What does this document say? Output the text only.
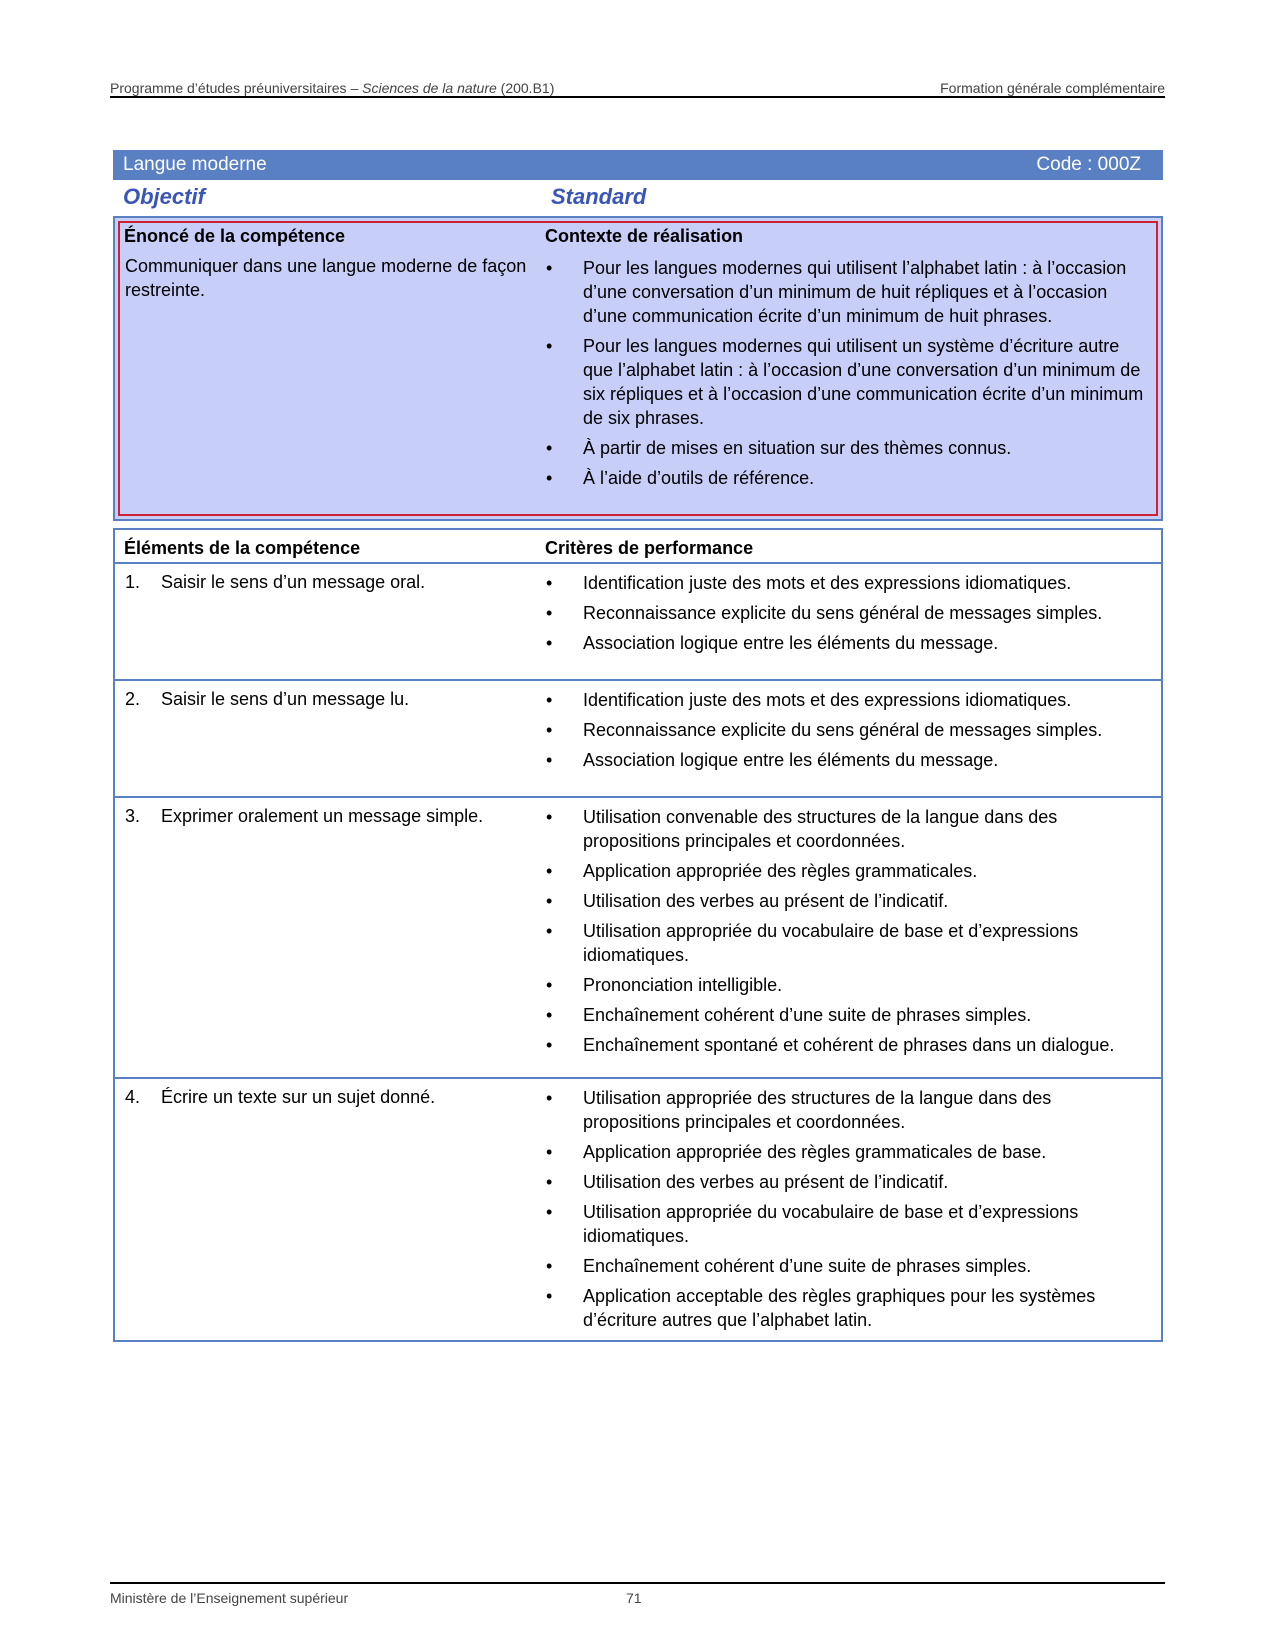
Programme d’études préuniversitaires – Sciences de la nature (200.B1)	Formation générale complémentaire
Langue moderne	Code : 000Z
Objectif	Standard
Énoncé de la compétence	Contexte de réalisation
Communiquer dans une langue moderne de façon restreinte.
• Pour les langues modernes qui utilisent l’alphabet latin : à l’occasion d’une conversation d’un minimum de huit répliques et à l’occasion d’une communication écrite d’un minimum de huit phrases.
• Pour les langues modernes qui utilisent un système d’écriture autre que l’alphabet latin : à l’occasion d’une conversation d’un minimum de six répliques et à l’occasion d’une communication écrite d’un minimum de six phrases.
• À partir de mises en situation sur des thèmes connus.
• À l’aide d’outils de référence.
Éléments de la compétence	Critères de performance
1. Saisir le sens d’un message oral.	• Identification juste des mots et des expressions idiomatiques.
• Reconnaissance explicite du sens général de messages simples.
• Association logique entre les éléments du message.
2. Saisir le sens d’un message lu.	• Identification juste des mots et des expressions idiomatiques.
• Reconnaissance explicite du sens général de messages simples.
• Association logique entre les éléments du message.
3. Exprimer oralement un message simple.	• Utilisation convenable des structures de la langue dans des propositions principales et coordonnées.
• Application appropriée des règles grammaticales.
• Utilisation des verbes au présent de l’indicatif.
• Utilisation appropriée du vocabulaire de base et d’expressions idiomatiques.
• Prononciation intelligible.
• Enchaînement cohérent d’une suite de phrases simples.
• Enchaînement spontané et cohérent de phrases dans un dialogue.
4. Écrire un texte sur un sujet donné.	• Utilisation appropriée des structures de la langue dans des propositions principales et coordonnées.
• Application appropriée des règles grammaticales de base.
• Utilisation des verbes au présent de l’indicatif.
• Utilisation appropriée du vocabulaire de base et d’expressions idiomatiques.
• Enchaînement cohérent d’une suite de phrases simples.
• Application acceptable des règles graphiques pour les systèmes d’écriture autres que l’alphabet latin.
Ministère de l’Enseignement supérieur	71
